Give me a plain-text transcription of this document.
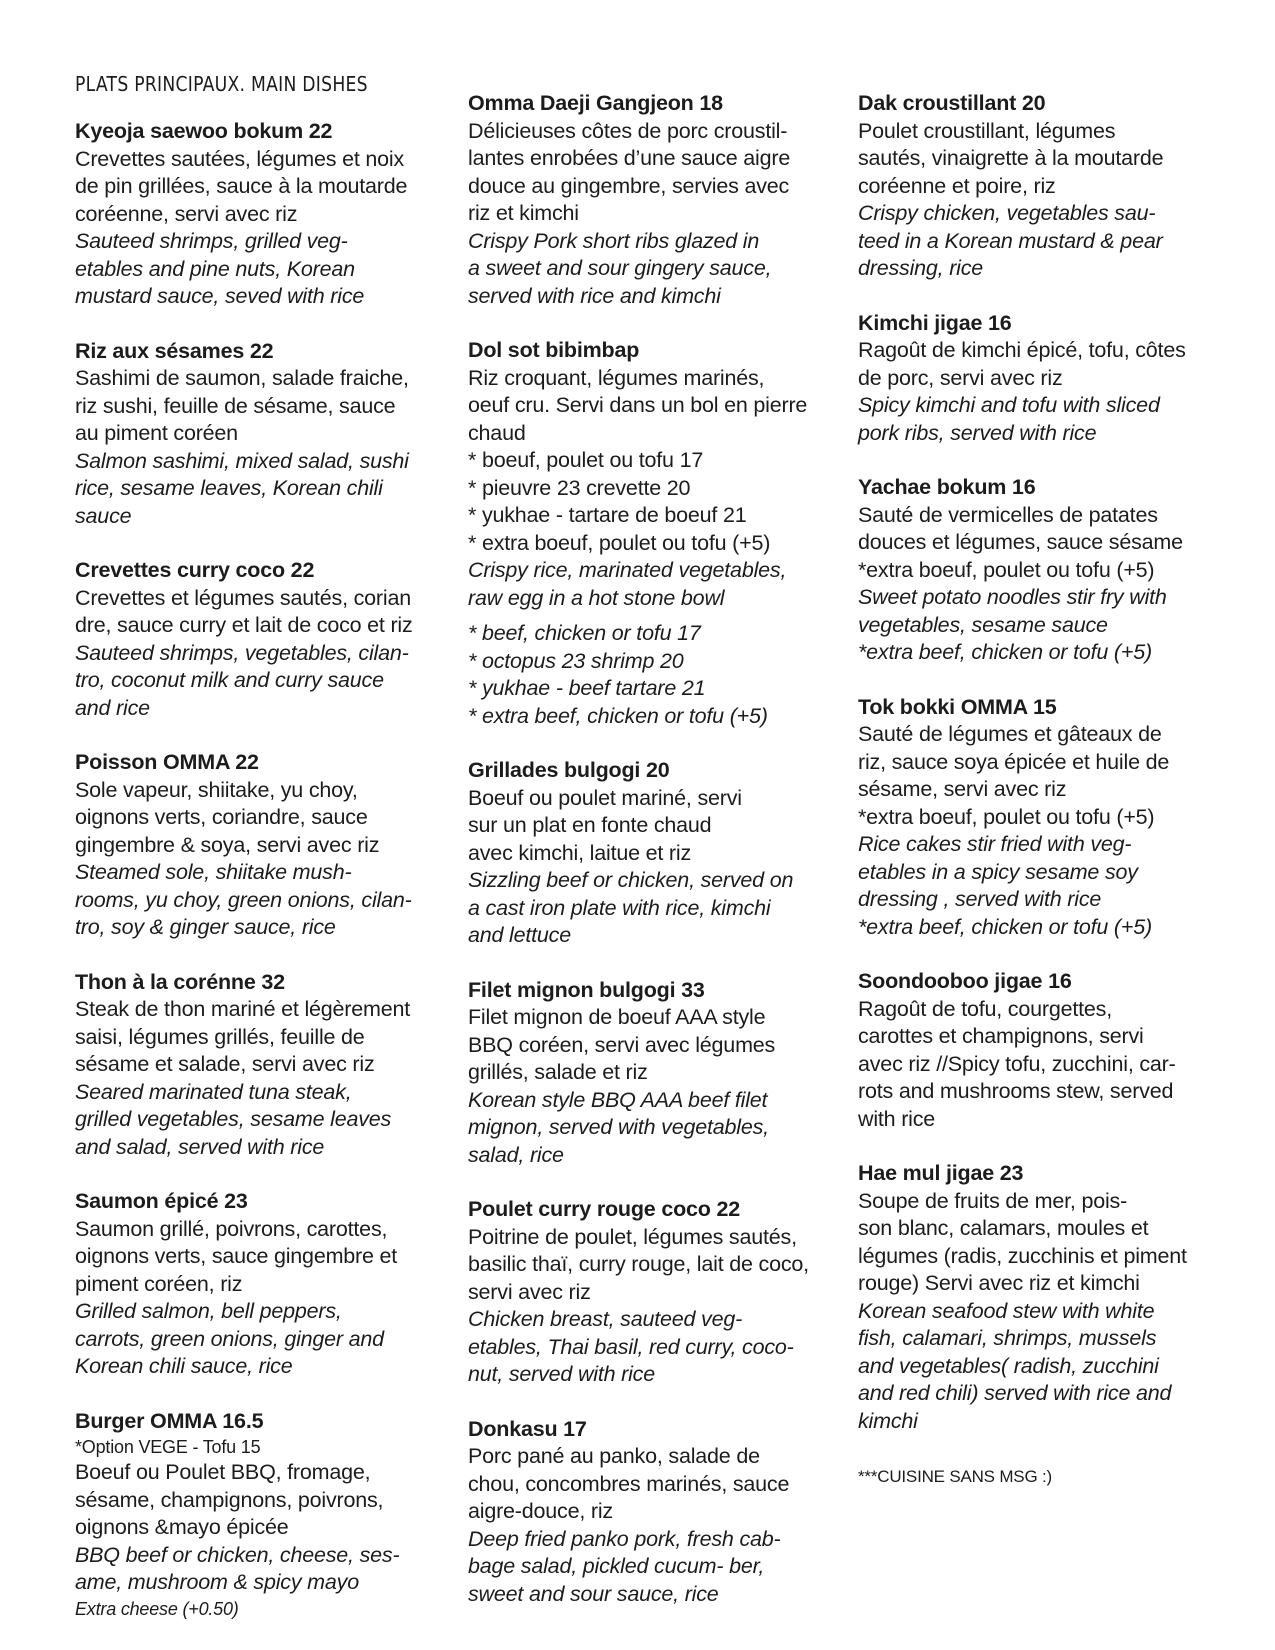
PLATS PRINCIPAUX. MAIN DISHES
Kyeoja saewoo bokum 22
Crevettes sautées, légumes et noix
de pin grillées, sauce à la moutarde
coréenne, servi avec riz
Sauteed shrimps, grilled veg-
etables and pine nuts, Korean
mustard sauce, seved with rice
Riz aux sésames 22
Sashimi de saumon, salade fraiche,
riz sushi, feuille de sésame, sauce
au piment coréen
Salmon sashimi, mixed salad, sushi
rice, sesame leaves, Korean chili
sauce
Crevettes curry coco 22
Crevettes et légumes sautés, corian
dre, sauce curry et lait de coco et riz
Sauteed shrimps, vegetables, cilan-
tro, coconut milk and curry sauce
and rice
Poisson OMMA 22
Sole vapeur, shiitake, yu choy,
oignons verts, coriandre, sauce
gingembre & soya, servi avec riz
Steamed sole, shiitake mush-
rooms, yu choy, green onions, cilan-
tro, soy & ginger sauce, rice
Thon à la corénne 32
Steak de thon mariné et légèrement
saisi, légumes grillés, feuille de
sésame et salade, servi avec riz
Seared marinated tuna steak,
grilled vegetables, sesame leaves
and salad, served with rice
Saumon épicé 23
Saumon grillé, poivrons, carottes,
oignons verts, sauce gingembre et
piment coréen, riz
Grilled salmon, bell peppers,
carrots, green onions, ginger and
Korean chili sauce, rice
Burger OMMA 16.5
*Option VEGE - Tofu 15
Boeuf ou Poulet BBQ, fromage,
sésame, champignons, poivrons,
oignons &mayo épicée
BBQ beef or chicken, cheese, ses-
ame, mushroom & spicy mayo
Extra cheese (+0.50)
Omma Daeji Gangjeon 18
Délicieuses côtes de porc croustil-
lantes enrobées d’une sauce aigre
douce au gingembre, servies avec
riz et kimchi
Crispy Pork short ribs glazed in
a sweet and sour gingery sauce,
served with rice and kimchi
Dol sot bibimbap
Riz croquant, légumes marinés,
oeuf cru. Servi dans un bol en pierre
chaud
* boeuf, poulet ou tofu 17
* pieuvre 23 crevette 20
* yukhae - tartare de boeuf 21
* extra boeuf, poulet ou tofu (+5)
Crispy rice, marinated vegetables,
raw egg in a hot stone bowl
* beef, chicken or tofu 17
* octopus 23 shrimp 20
* yukhae - beef tartare 21
* extra beef, chicken or tofu (+5)
Grillades bulgogi 20
Boeuf ou poulet mariné, servi
sur un plat en fonte chaud
avec kimchi, laitue et riz
Sizzling beef or chicken, served on
a cast iron plate with rice, kimchi
and lettuce
Filet mignon bulgogi 33
Filet mignon de boeuf AAA style
BBQ coréen, servi avec légumes
grillés, salade et riz
Korean style BBQ AAA beef filet
mignon, served with vegetables,
salad, rice
Poulet curry rouge coco 22
Poitrine de poulet, légumes sautés,
basilic thaï, curry rouge, lait de coco,
servi avec riz
Chicken breast, sauteed veg-
etables, Thai basil, red curry, coco-
nut, served with rice
Donkasu 17
Porc pané au panko, salade de
chou, concombres marinés, sauce
aigre-douce, riz
Deep fried panko pork, fresh cab-
bage salad, pickled cucum- ber,
sweet and sour sauce, rice
Dak croustillant 20
Poulet croustillant, légumes
sautés, vinaigrette à la moutarde
coréenne et poire, riz
Crispy chicken, vegetables sau-
teed in a Korean mustard & pear
dressing, rice
Kimchi jigae 16
Ragoût de kimchi épicé, tofu, côtes
de porc, servi avec riz
Spicy kimchi and tofu with sliced
pork ribs, served with rice
Yachae bokum 16
Sauté de vermicelles de patates
douces et légumes, sauce sésame
*extra boeuf, poulet ou tofu (+5)
Sweet potato noodles stir fry with
vegetables, sesame sauce
*extra beef, chicken or tofu (+5)
Tok bokki OMMA 15
Sauté de légumes et gâteaux de
riz, sauce soya épicée et huile de
sésame, servi avec riz
*extra boeuf, poulet ou tofu (+5)
Rice cakes stir fried with veg-
etables in a spicy sesame soy
dressing , served with rice
*extra beef, chicken or tofu (+5)
Soondooboo jigae 16
Ragoût de tofu, courgettes,
carottes et champignons, servi
avec riz //Spicy tofu, zucchini, car-
rots and mushrooms stew, served
with rice
Hae mul jigae 23
Soupe de fruits de mer, pois-
son blanc, calamars, moules et
légumes (radis, zucchinis et piment
rouge) Servi avec riz et kimchi
Korean seafood stew with white
fish, calamari, shrimps, mussels
and vegetables( radish, zucchini
and red chili) served with rice and
kimchi
***CUISINE SANS MSG :)
